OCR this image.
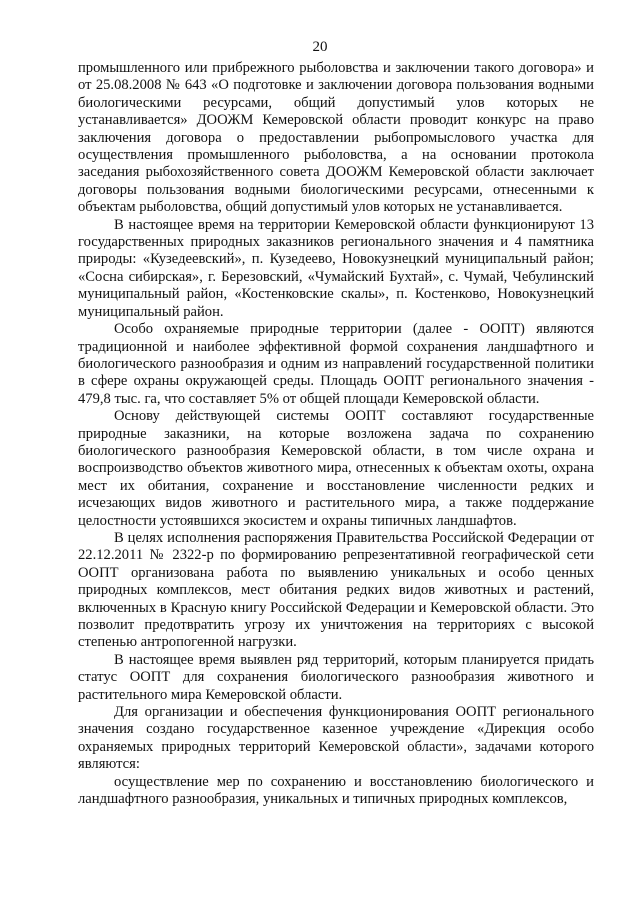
20

промышленного или прибрежного рыболовства и заключении такого договора» и от 25.08.2008 № 643 «О подготовке и заключении договора пользования водными биологическими ресурсами, общий допустимый улов которых не устанавливается» ДООЖМ Кемеровской области проводит конкурс на право заключения договора о предоставлении рыбопромыслового участка для осуществления промышленного рыболовства, а на основании протокола заседания рыбохозяйственного совета ДООЖМ Кемеровской области заключает договоры пользования водными биологическими ресурсами, отнесенными к объектам рыболовства, общий допустимый улов которых не устанавливается.

В настоящее время на территории Кемеровской области функционируют 13 государственных природных заказников регионального значения и 4 памятника природы: «Кузедеевский», п. Кузедеево, Новокузнецкий муниципальный район; «Сосна сибирская», г. Березовский, «Чумайский Бухтай», с. Чумай, Чебулинский муниципальный район, «Костенковские скалы», п. Костенково, Новокузнецкий муниципальный район.

Особо охраняемые природные территории (далее - ООПТ) являются традиционной и наиболее эффективной формой сохранения ландшафтного и биологического разнообразия и одним из направлений государственной политики в сфере охраны окружающей среды. Площадь ООПТ регионального значения - 479,8 тыс. га, что составляет 5% от общей площади Кемеровской области.

Основу действующей системы ООПТ составляют государственные природные заказники, на которые возложена задача по сохранению биологического разнообразия Кемеровской области, в том числе охрана и воспроизводство объектов животного мира, отнесенных к объектам охоты, охрана мест их обитания, сохранение и восстановление численности редких и исчезающих видов животного и растительного мира, а также поддержание целостности устоявшихся экосистем и охраны типичных ландшафтов.

В целях исполнения распоряжения Правительства Российской Федерации от 22.12.2011 № 2322-р по формированию репрезентативной географической сети ООПТ организована работа по выявлению уникальных и особо ценных природных комплексов, мест обитания редких видов животных и растений, включенных в Красную книгу Российской Федерации и Кемеровской области. Это позволит предотвратить угрозу их уничтожения на территориях с высокой степенью антропогенной нагрузки.

В настоящее время выявлен ряд территорий, которым планируется придать статус ООПТ для сохранения биологического разнообразия животного и растительного мира Кемеровской области.

Для организации и обеспечения функционирования ООПТ регионального значения создано государственное казенное учреждение «Дирекция особо охраняемых природных территорий Кемеровской области», задачами которого являются:

осуществление мер по сохранению и восстановлению биологического и ландшафтного разнообразия, уникальных и типичных природных комплексов,
